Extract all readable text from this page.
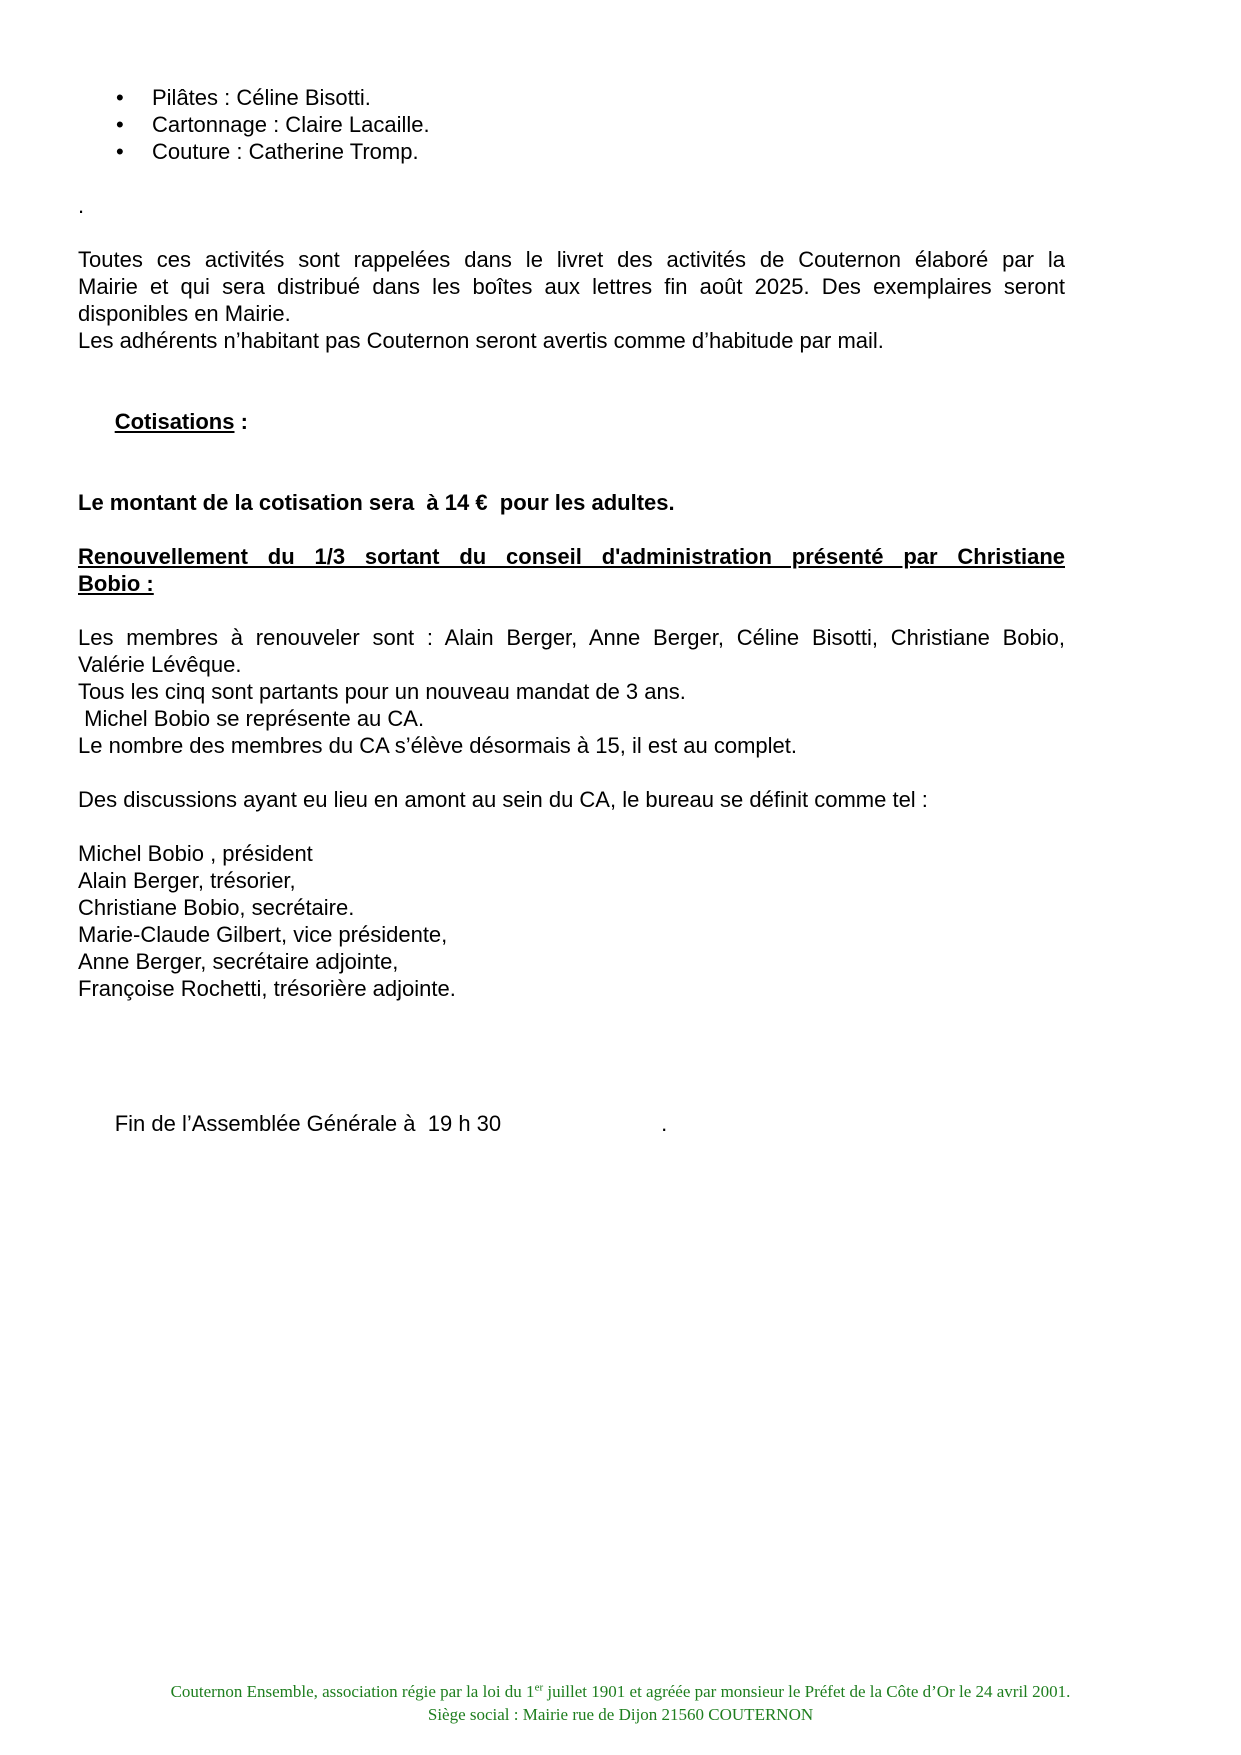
• Pilâtes : Céline Bisotti.
• Cartonnage : Claire Lacaille.
• Couture : Catherine Tromp.
.
Toutes ces activités sont rappelées dans le livret des activités de Couternon élaboré par la
Mairie et qui sera distribué dans les boîtes aux lettres fin août 2025. Des exemplaires seront
disponibles en Mairie.
Les adhérents n’habitant pas Couternon seront avertis comme d’habitude par mail.

Cotisations :

Le montant de la cotisation sera  à 14 €  pour les adultes.
Renouvellement du 1/3 sortant du conseil d'administration présenté par Christiane
Bobio :
Les membres à renouveler sont : Alain Berger, Anne Berger, Céline Bisotti, Christiane Bobio,
Valérie Lévêque.
Tous les cinq sont partants pour un nouveau mandat de 3 ans.
Michel Bobio se représente au CA.
Le nombre des membres du CA s’élève désormais à 15, il est au complet.
Des discussions ayant eu lieu en amont au sein du CA, le bureau se définit comme tel :
Michel Bobio , président
Alain Berger, trésorier,
Christiane Bobio, secrétaire.
Marie-Claude Gilbert, vice présidente,
Anne Berger, secrétaire adjointe,
Françoise Rochetti, trésorière adjointe.

Fin de l’Assemblée Générale à  19 h 30	.

Couternon Ensemble, association régie par la loi du 1er juillet 1901 et agréée par monsieur le Préfet de la Côte d’Or le 24 avril 2001.
Siège social : Mairie rue de Dijon 21560 COUTERNON
